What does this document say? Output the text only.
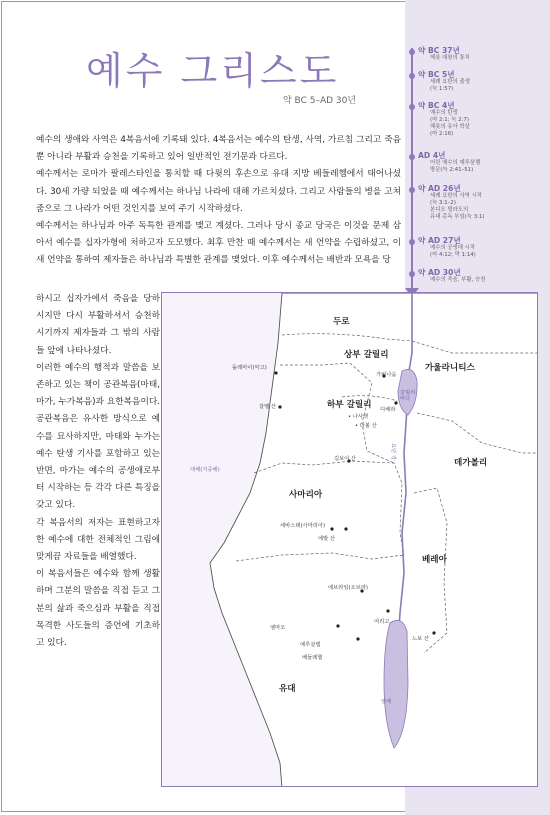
약 BC 37년
헤롯 대왕의 통치
약 BC 5년
세례 요한의 출생
(눅 1:57)
약 BC 4년
예수의 탄생
(마 2:1; 눅 2:7)
헤롯의 유아 학살
(마 2:16)
AD 4년
어린 예수의 예루살렘
방문(눅 2:41–51)
약 AD 26년
세례 요한의 사역 시작
(눅 3:1–2)
본디오 빌라도의
유대 총독 부임(눅 3:1)
약 AD 27년
예수의 공생애 시작
(마 4:12; 막 1:14)
약 AD 30년
예수의 죽음, 부활, 승천
예수 그리스도
약 BC 5–AD 30년

예수의 생애와 사역은 4복음서에 기록돼 있다. 4복음서는 예수의 탄생, 사역, 가르침 그리고 죽음뿐 아니라 부활과 승천을 기록하고 있어 일반적인 전기문과 다르다.

예수께서는 로마가 팔레스타인을 통치할 때 다윗의 후손으로 유대 지방 베들레헴에서 태어나셨다. 30세 가량 되었을 때 예수께서는 하나님 나라에 대해 가르치셨다. 그리고 사람들의 병을 고쳐줌으로 그 나라가 어떤 것인지를 보여 주기 시작하셨다.

예수께서는 하나님과 아주 독특한 관계를 맺고 계셨다. 그러나 당시 종교 당국은 이것을 문제 삼아서 예수를 십자가형에 처하고자 도모했다. 최후 만찬 때 예수께서는 새 언약을 수립하셨고, 이 새 언약을 통하여 제자들은 하나님과 특별한 관계를 맺었다. 이후 예수께서는 배반과 모욕을 당

하시고 십자가에서 죽음을 당하시지만 다시 부활하셔서 승천하시기까지 제자들과 그 밖의 사람들 앞에 나타나셨다.

이러한 예수의 행적과 말씀을 보존하고 있는 책이 공관복음(마태, 마가, 누가복음)과 요한복음이다. 공관복음은 유사한 방식으로 예수를 묘사하지만, 마태와 누가는 예수 탄생 기사를 포함하고 있는 반면, 마가는 예수의 공생애로부터 시작하는 등 각각 다른 특징을 갖고 있다.

각 복음서의 저자는 표현하고자 한 예수에 대한 전체적인 그림에 맞게끔 자료들을 배열했다.

이 복음서들은 예수와 함께 생활하며 그분의 말씀을 직접 듣고 그분의 삶과 죽으심과 부활을 직접 목격한 사도들의 증언에 기초하고 있다.

두로
상부 갈릴리
하부 갈릴리
가울라니티스
데가볼리
사마리아
베레아
유대
돌레마이(악고)
가버나움
갈릴리
바다
갈멜 산
• 나사렛
디베랴
• 다볼 산
길보아 산
대해(지중해)
요단 강
세바스테(사마리아)
에발 산
에브라임(오브라)
여리고
엠마오
예루살렘
베들레헴
느보 산
염해
